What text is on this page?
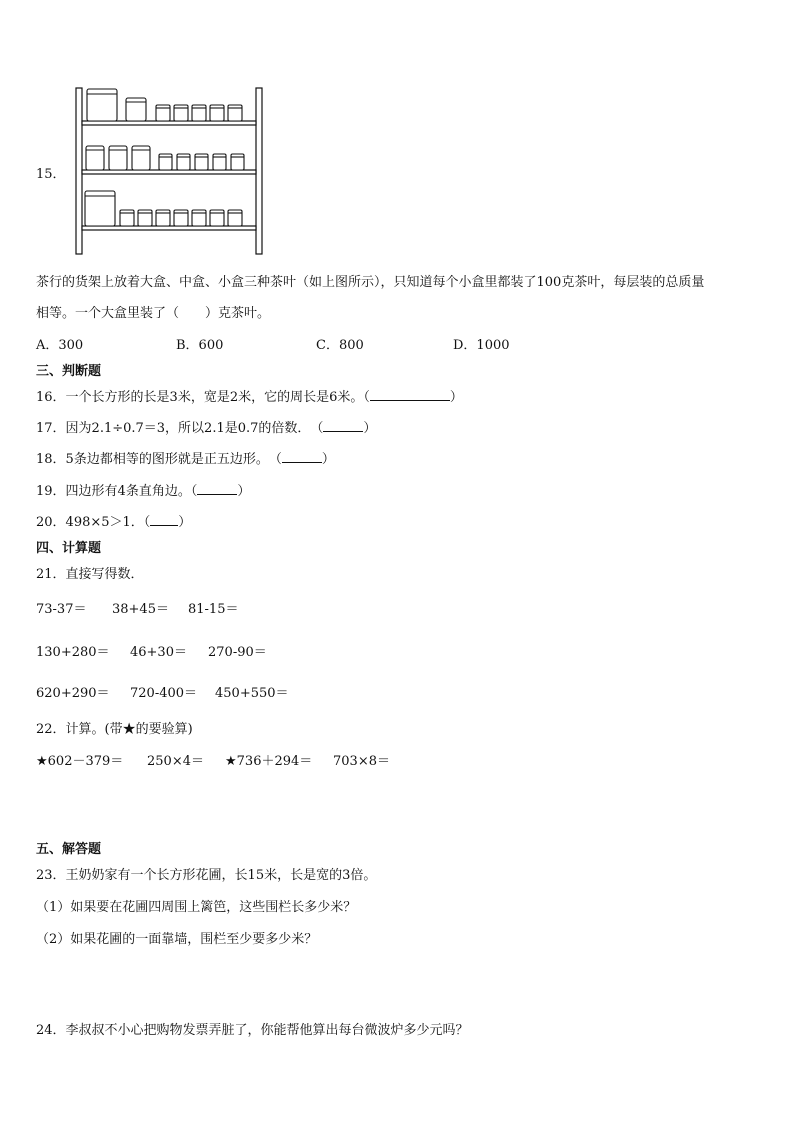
15．
茶行的货架上放着大盒、中盒、小盒三种茶叶（如上图所示），只知道每个小盒里都装了100克茶叶，每层装的总质量
相等。一个大盒里装了（　　）克茶叶。
A．300	B．600	C．800	D．1000
三、判断题
16．一个长方形的长是3米，宽是2米，它的周长是6米。（	）
17．因为2.1÷0.7＝3，所以2.1是0.7的倍数．　（	）
18．5条边都相等的图形就是正五边形。　（	）
19．四边形有4条直角边。（	）
20．498×5＞1．（ ）
四、计算题
21．直接写得数．
73-37＝ 38+45＝ 81-15＝
130+280＝ 46+30＝ 270-90＝
620+290＝ 720-400＝ 450+550＝
22．计算。(带★的要验算)
★602－379＝ 250×4＝ ★736＋294＝ 703×8＝
五、解答题
23．王奶奶家有一个长方形花圃，长15米，长是宽的3倍。
（1）如果要在花圃四周围上篱笆，这些围栏长多少米？
（2）如果花圃的一面靠墙，围栏至少要多少米？
24．李叔叔不小心把购物发票弄脏了，你能帮他算出每台微波炉多少元吗？
